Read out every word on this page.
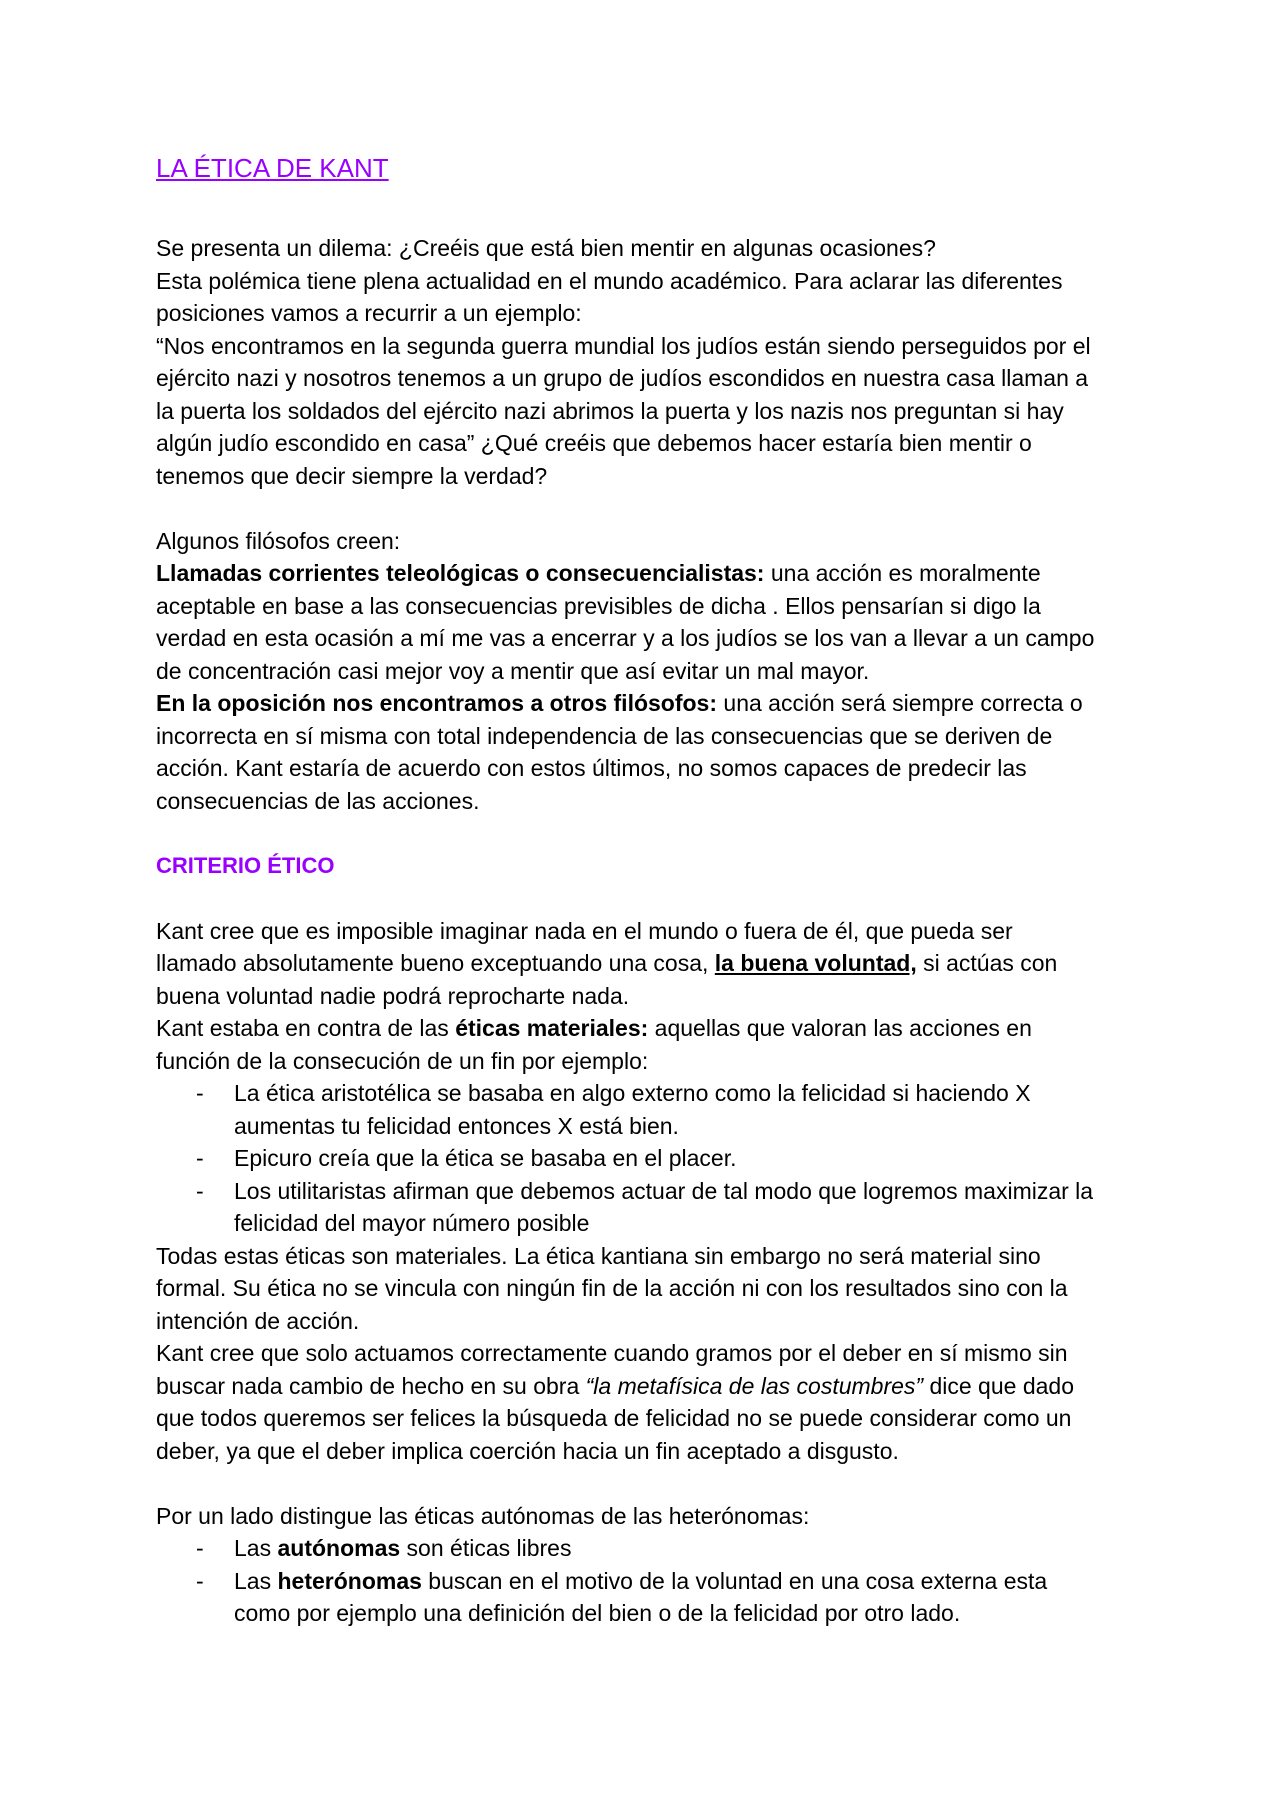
LA ÉTICA DE KANT
Se presenta un dilema: ¿Creéis que está bien mentir en algunas ocasiones?
Esta polémica tiene plena actualidad en el mundo académico. Para aclarar las diferentes
posiciones vamos a recurrir a un ejemplo:
“Nos encontramos en la segunda guerra mundial los judíos están siendo perseguidos por el
ejército nazi y nosotros tenemos a un grupo de judíos escondidos en nuestra casa llaman a
la puerta los soldados del ejército nazi abrimos la puerta y los nazis nos preguntan si hay
algún judío escondido en casa” ¿Qué creéis que debemos hacer estaría bien mentir o
tenemos que decir siempre la verdad?
Algunos filósofos creen:
Llamadas corrientes teleológicas o consecuencialistas: una acción es moralmente
aceptable en base a las consecuencias previsibles de dicha . Ellos pensarían si digo la
verdad en esta ocasión a mí me vas a encerrar y a los judíos se los van a llevar a un campo
de concentración casi mejor voy a mentir que así evitar un mal mayor.
En la oposición nos encontramos a otros filósofos: una acción será siempre correcta o
incorrecta en sí misma con total independencia de las consecuencias que se deriven de
acción. Kant estaría de acuerdo con estos últimos, no somos capaces de predecir las
consecuencias de las acciones.
CRITERIO ÉTICO
Kant cree que es imposible imaginar nada en el mundo o fuera de él, que pueda ser
llamado absolutamente bueno exceptuando una cosa, la buena voluntad, si actúas con
buena voluntad nadie podrá reprocharte nada.
Kant estaba en contra de las éticas materiales: aquellas que valoran las acciones en
función de la consecución de un fin por ejemplo:
- La ética aristotélica se basaba en algo externo como la felicidad si haciendo X
aumentas tu felicidad entonces X está bien.
- Epicuro creía que la ética se basaba en el placer.
- Los utilitaristas afirman que debemos actuar de tal modo que logremos maximizar la
felicidad del mayor número posible
Todas estas éticas son materiales. La ética kantiana sin embargo no será material sino
formal. Su ética no se vincula con ningún fin de la acción ni con los resultados sino con la
intención de acción.
Kant cree que solo actuamos correctamente cuando gramos por el deber en sí mismo sin
buscar nada cambio de hecho en su obra “la metafísica de las costumbres” dice que dado
que todos queremos ser felices la búsqueda de felicidad no se puede considerar como un
deber, ya que el deber implica coerción hacia un fin aceptado a disgusto.
Por un lado distingue las éticas autónomas de las heterónomas:
- Las autónomas son éticas libres
- Las heterónomas buscan en el motivo de la voluntad en una cosa externa esta
como por ejemplo una definición del bien o de la felicidad por otro lado.
